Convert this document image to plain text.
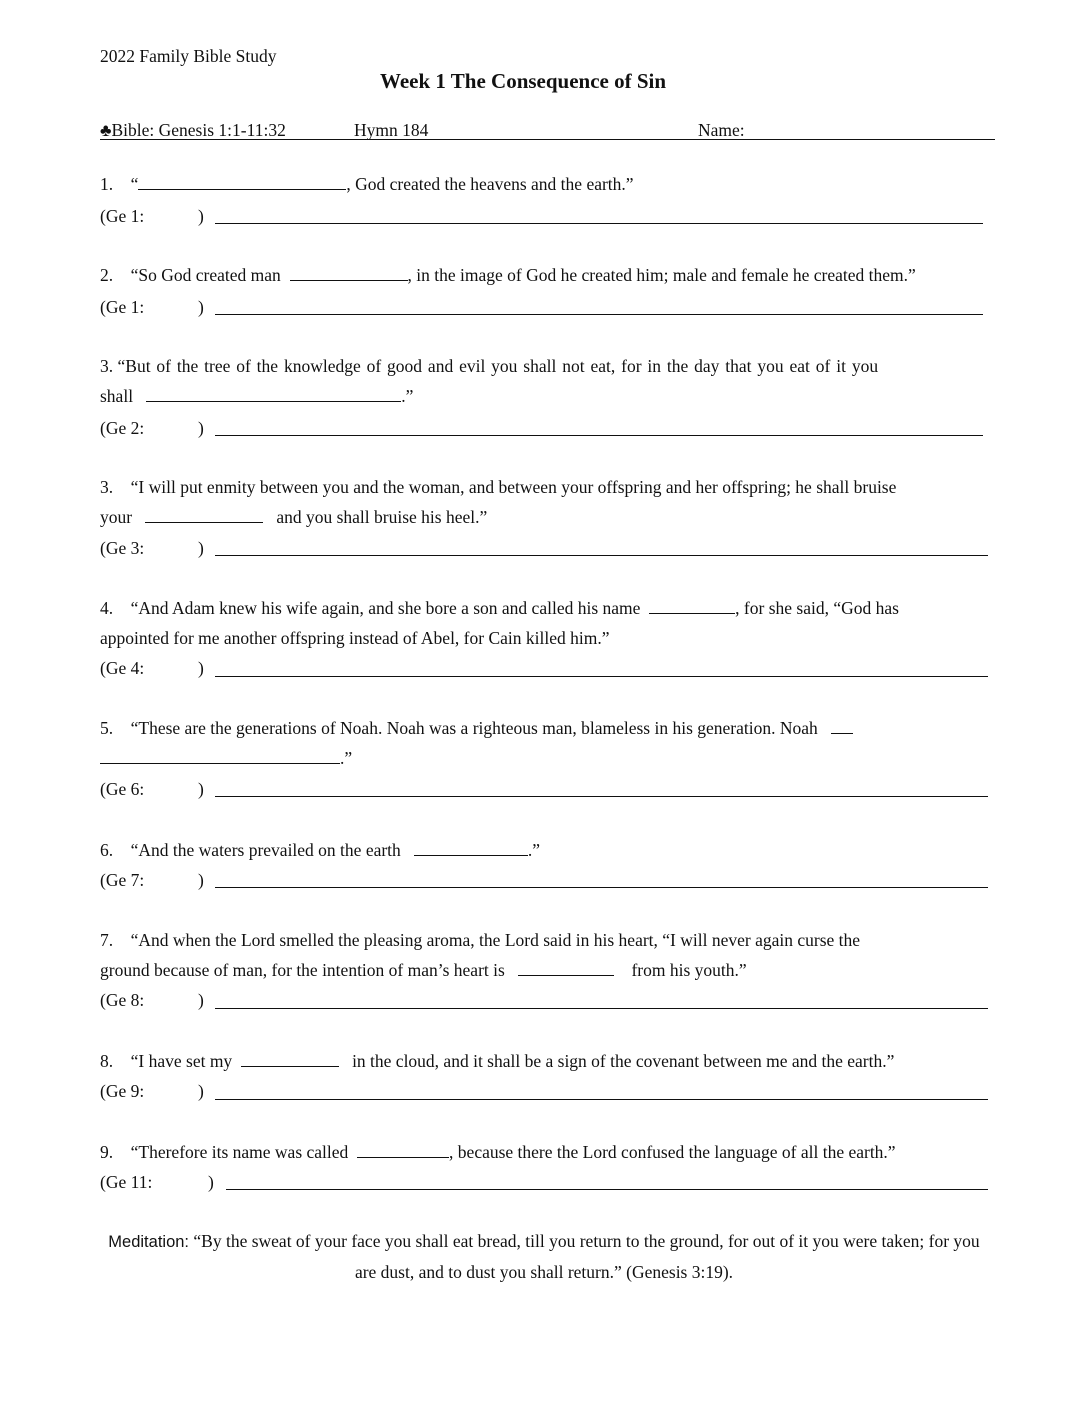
2022 Family Bible Study
Week 1 The Consequence of Sin
♣Bible: Genesis 1:1-11:32	Hymn 184	Name:
1. “	, God created the heavens and the earth.”
(Ge 1:	)
2. “So God created man	, in the image of God he created him; male and female he created them.”
(Ge 1:	)
3. “But of the tree of the knowledge of good and evil you shall not eat, for in the day that you eat of it you
shall	.”
(Ge 2:	)
3. “I will put enmity between you and the woman, and between your offspring and her offspring; he shall bruise
your	and you shall bruise his heel.”
(Ge 3:	)
4. “And Adam knew his wife again, and she bore a son and called his name	, for she said, “God has
appointed for me another offspring instead of Abel, for Cain killed him.”
(Ge 4:	)
5. “These are the generations of Noah. Noah was a righteous man, blameless in his generation. Noah
.”
(Ge 6:	)
6. “And the waters prevailed on the earth	.”
(Ge 7:	)
7. “And when the Lord smelled the pleasing aroma, the Lord said in his heart, “I will never again curse the
ground because of man, for the intention of man’s heart is	from his youth.”
(Ge 8:	)
8. “I have set my	in the cloud, and it shall be a sign of the covenant between me and the earth.”
(Ge 9:	)
9. “Therefore its name was called	, because there the Lord confused the language of all the earth.”
(Ge 11:	)
Meditation: “By the sweat of your face you shall eat bread, till you return to the ground, for out of it you were taken; for you are dust, and to dust you shall return.” (Genesis 3:19).
